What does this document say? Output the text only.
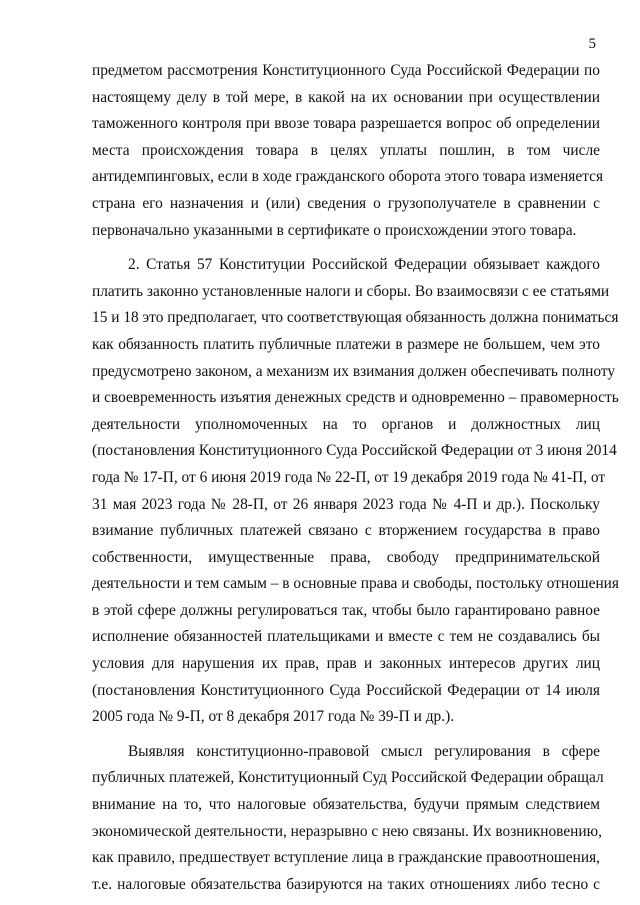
5
предметом рассмотрения Конституционного Суда Российской Федерации по
настоящему делу в той мере, в какой на их основании при осуществлении
таможенного контроля при ввозе товара разрешается вопрос об определении
места происхождения товара в целях уплаты пошлин, в том числе
антидемпинговых, если в ходе гражданского оборота этого товара изменяется
страна его назначения и (или) сведения о грузополучателе в сравнении с
первоначально указанными в сертификате о происхождении этого товара.
2. Статья 57 Конституции Российской Федерации обязывает каждого
платить законно установленные налоги и сборы. Во взаимосвязи с ее статьями
15 и 18 это предполагает, что соответствующая обязанность должна пониматься
как обязанность платить публичные платежи в размере не большем, чем это
предусмотрено законом, а механизм их взимания должен обеспечивать полноту
и своевременность изъятия денежных средств и одновременно – правомерность
деятельности уполномоченных на то органов и должностных лиц
(постановления Конституционного Суда Российской Федерации от 3 июня 2014
года № 17-П, от 6 июня 2019 года № 22-П, от 19 декабря 2019 года № 41-П, от
31 мая 2023 года № 28-П, от 26 января 2023 года № 4-П и др.). Поскольку
взимание публичных платежей связано с вторжением государства в право
собственности, имущественные права, свободу предпринимательской
деятельности и тем самым – в основные права и свободы, постольку отношения
в этой сфере должны регулироваться так, чтобы было гарантировано равное
исполнение обязанностей плательщиками и вместе с тем не создавались бы
условия для нарушения их прав, прав и законных интересов других лиц
(постановления Конституционного Суда Российской Федерации от 14 июля
2005 года № 9-П, от 8 декабря 2017 года № 39-П и др.).
Выявляя конституционно-правовой смысл регулирования в сфере
публичных платежей, Конституционный Суд Российской Федерации обращал
внимание на то, что налоговые обязательства, будучи прямым следствием
экономической деятельности, неразрывно с нею связаны. Их возникновению,
как правило, предшествует вступление лица в гражданские правоотношения,
т.е. налоговые обязательства базируются на таких отношениях либо тесно с
